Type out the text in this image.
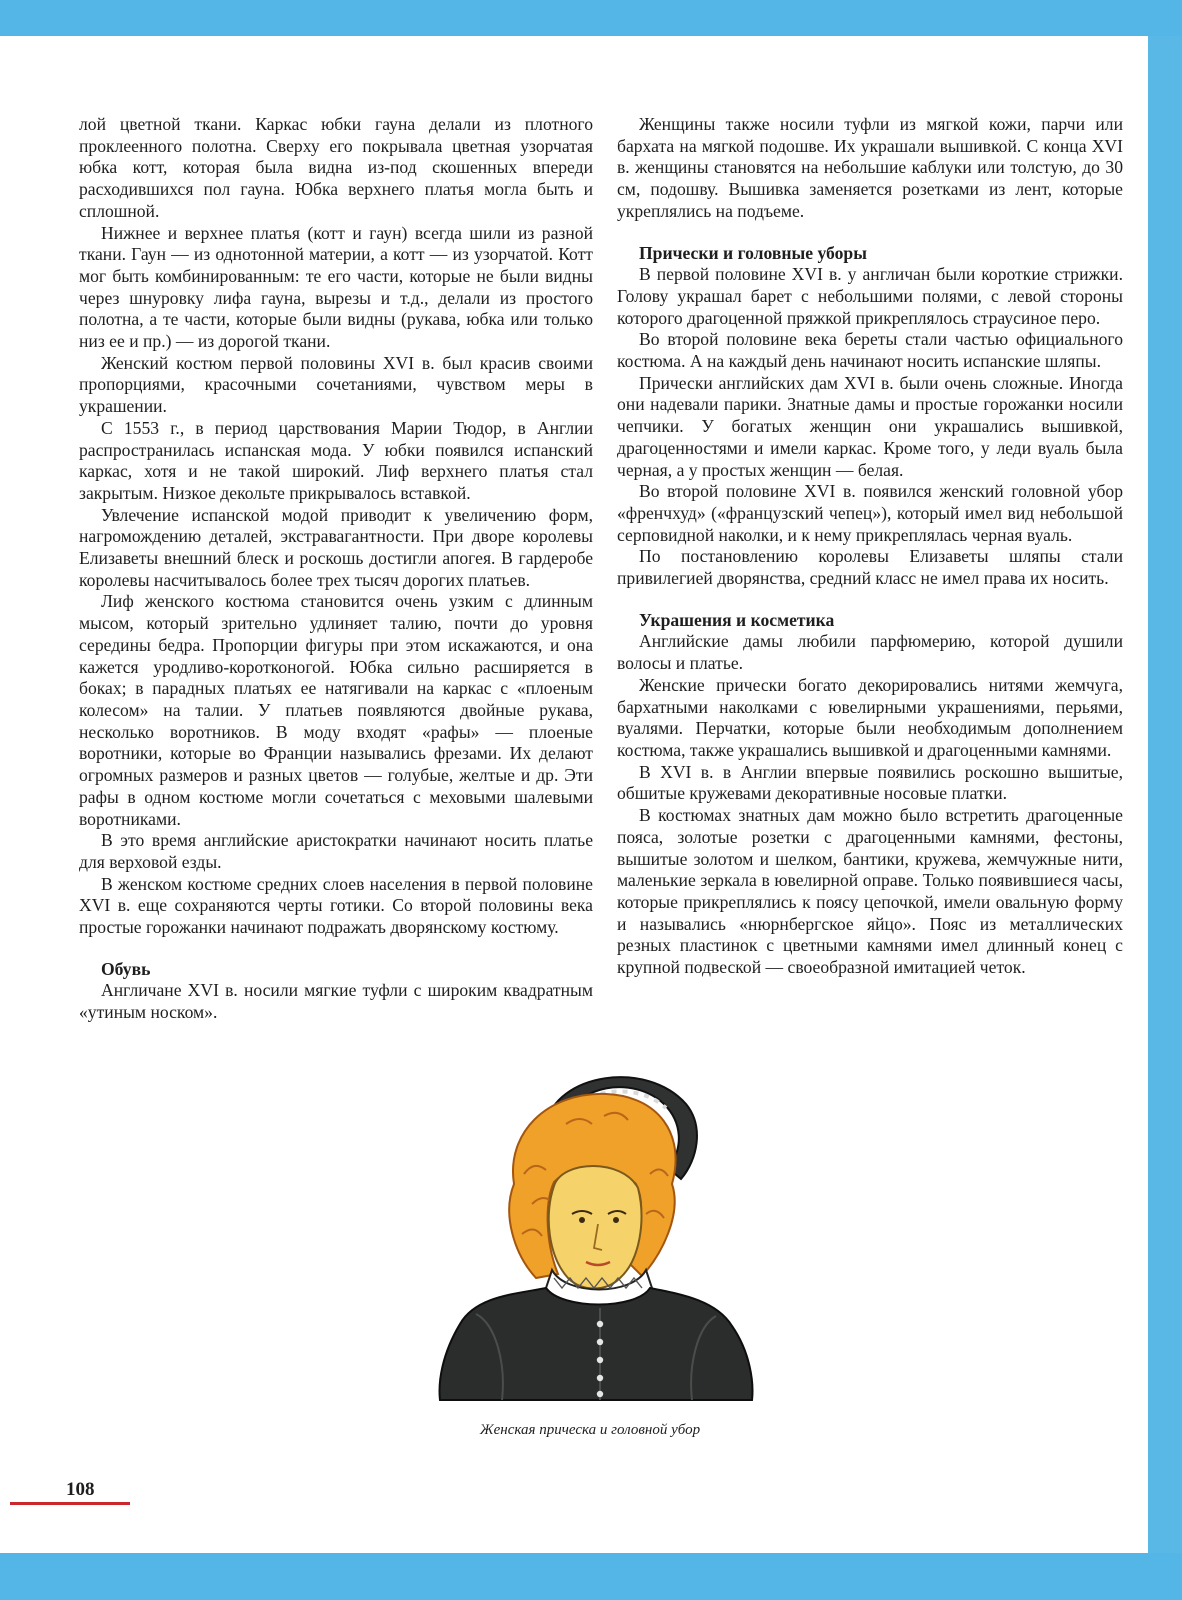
лой цветной ткани. Каркас юбки гауна делали из плотного проклеенного полотна. Сверху его покрывала цветная узорчатая юбка котт, которая была видна из-под скошенных впереди расходившихся пол гауна. Юбка верхнего платья могла быть и сплошной.

Нижнее и верхнее платья (котт и гаун) всегда шили из разной ткани. Гаун — из однотонной материи, а котт — из узорчатой. Котт мог быть комбинированным: те его части, которые не были видны через шнуровку лифа гауна, вырезы и т.д., делали из простого полотна, а те части, которые были видны (рукава, юбка или только низ ее и пр.) — из дорогой ткани.

Женский костюм первой половины XVI в. был красив своими пропорциями, красочными сочетаниями, чувством меры в украшении.

С 1553 г., в период царствования Марии Тюдор, в Англии распространилась испанская мода. У юбки появился испанский каркас, хотя и не такой широкий. Лиф верхнего платья стал закрытым. Низкое декольте прикрывалось вставкой.

Увлечение испанской модой приводит к увеличению форм, нагромождению деталей, экстравагантности. При дворе королевы Елизаветы внешний блеск и роскошь достигли апогея. В гардеробе королевы насчитывалось более трех тысяч дорогих платьев.

Лиф женского костюма становится очень узким с длинным мысом, который зрительно удлиняет талию, почти до уровня середины бедра. Пропорции фигуры при этом искажаются, и она кажется уродливо-коротконогой. Юбка сильно расширяется в боках; в парадных платьях ее натягивали на каркас с «плоеным колесом» на талии. У платьев появляются двойные рукава, несколько воротников. В моду входят «рафы» — плоеные воротники, которые во Франции назывались фрезами. Их делают огромных размеров и разных цветов — голубые, желтые и др. Эти рафы в одном костюме могли сочетаться с меховыми шалевыми воротниками.

В это время английские аристократки начинают носить платье для верховой езды.

В женском костюме средних слоев населения в первой половине XVI в. еще сохраняются черты готики. Со второй половины века простые горожанки начинают подражать дворянскому костюму.

Обувь

Англичане XVI в. носили мягкие туфли с широким квадратным «утиным носком».

Женщины также носили туфли из мягкой кожи, парчи или бархата на мягкой подошве. Их украшали вышивкой. С конца XVI в. женщины становятся на небольшие каблуки или толстую, до 30 см, подошву. Вышивка заменяется розетками из лент, которые укреплялись на подъеме.

Прически и головные уборы

В первой половине XVI в. у англичан были короткие стрижки. Голову украшал барет с небольшими полями, с левой стороны которого драгоценной пряжкой прикреплялось страусиное перо.

Во второй половине века береты стали частью официального костюма. А на каждый день начинают носить испанские шляпы.

Прически английских дам XVI в. были очень сложные. Иногда они надевали парики. Знатные дамы и простые горожанки носили чепчики. У богатых женщин они украшались вышивкой, драгоценностями и имели каркас. Кроме того, у леди вуаль была черная, а у простых женщин — белая.

Во второй половине XVI в. появился женский головной убор «френчхуд» («французский чепец»), который имел вид небольшой серповидной наколки, и к нему прикреплялась черная вуаль.

По постановлению королевы Елизаветы шляпы стали привилегией дворянства, средний класс не имел права их носить.

Украшения и косметика

Английские дамы любили парфюмерию, которой душили волосы и платье.

Женские прически богато декорировались нитями жемчуга, бархатными наколками с ювелирными украшениями, перьями, вуалями. Перчатки, которые были необходимым дополнением костюма, также украшались вышивкой и драгоценными камнями.

В XVI в. в Англии впервые появились роскошно вышитые, обшитые кружевами декоративные носовые платки.

В костюмах знатных дам можно было встретить драгоценные пояса, золотые розетки с драгоценными камнями, фестоны, вышитые золотом и шелком, бантики, кружева, жемчужные нити, маленькие зеркала в ювелирной оправе. Только появившиеся часы, которые прикреплялись к поясу цепочкой, имели овальную форму и назывались «нюрнбергское яйцо». Пояс из металлических резных пластинок с цветными камнями имел длинный конец с крупной подвеской — своеобразной имитацией четок.

Женская прическа и головной убор
108
